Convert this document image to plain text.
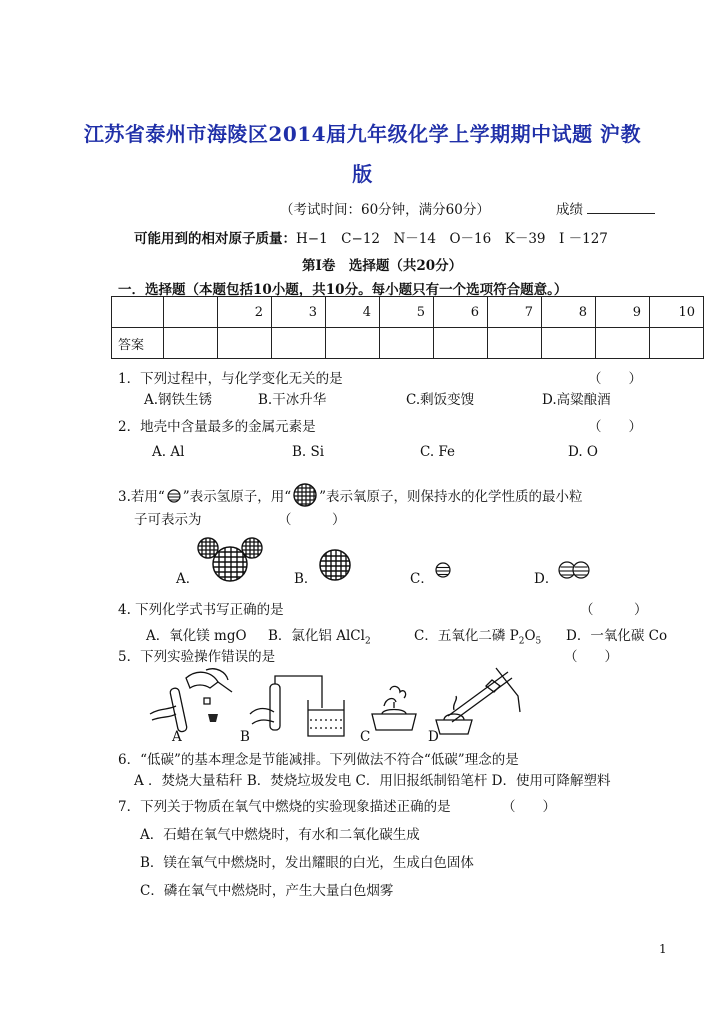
江苏省泰州市海陵区2014届九年级化学上学期期中试题 沪教
版
（考试时间：60分钟，满分60分）	成绩
可能用到的相对原子质量：H−1　C−12　N－14　O－16　K－39　I －127
第Ⅰ卷　选择题（共20分）
一．选择题（本题包括10小题，共10分。每小题只有一个选项符合题意。）
		2	3	4	5	6	7	8	9	10
答案										
1．下列过程中，与化学变化无关的是	（　　）
A.钢铁生锈	B.干冰升华	C.剩饭变馊	D.高粱酿酒
2．地壳中含量最多的金属元素是	（　　）
A. Al	B. Si	C. Fe	D. O
3.若用“ ”表示氢原子，用“ ”表示氧原子，则保持水的化学性质的最小粒
子可表示为	（　　　）
A．	B．	C．	D．
4. 下列化学式书写正确的是	（　　　）
A．氧化镁 mgO B．氯化铝 AlCl$_2$	C．五氧化二磷 $P_2O_5$ D．一氧化碳 Co
5．下列实验操作错误的是	（　　）
A	B	C	D
6．“低碳”的基本理念是节能减排。下列做法不符合“低碳”理念的是
A ．焚烧大量秸秆 B．焚烧垃圾发电 C．用旧报纸制铅笔杆 D．使用可降解塑料
7．下列关于物质在氧气中燃烧的实验现象描述正确的是	（　　）
A．石蜡在氧气中燃烧时，有水和二氧化碳生成
B．镁在氧气中燃烧时，发出耀眼的白光，生成白色固体
C．磷在氧气中燃烧时，产生大量白色烟雾
1
